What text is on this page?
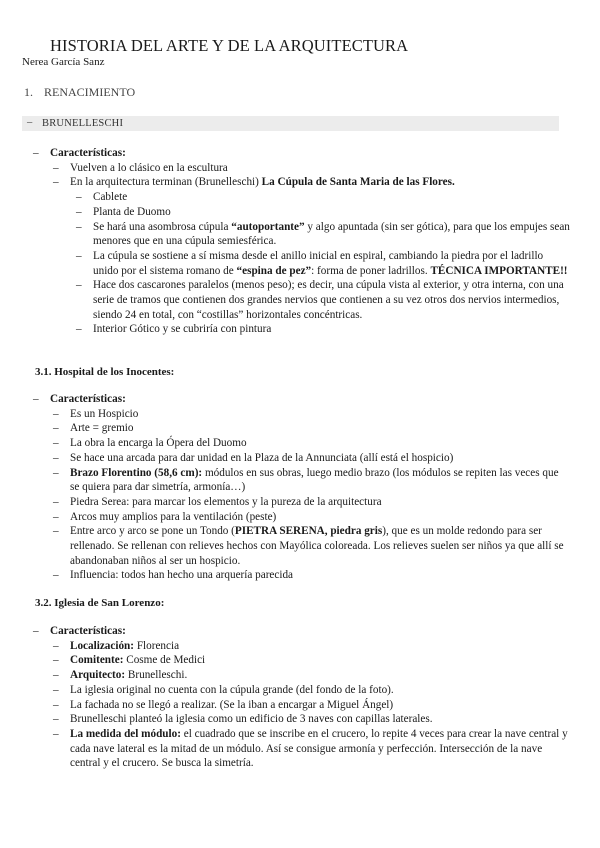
HISTORIA DEL ARTE Y DE LA ARQUITECTURA
Nerea García Sanz
1. RENACIMIENTO
– BRUNELLESCHI
– Características:
– Vuelven a lo clásico en la escultura
– En la arquitectura terminan (Brunelleschi) La Cúpula de Santa Maria de las Flores.
– Cablete
– Planta de Duomo
– Se hará una asombrosa cúpula “autoportante” y algo apuntada (sin ser gótica), para que los empujes sean menores que en una cúpula semiesférica.
– La cúpula se sostiene a sí misma desde el anillo inicial en espiral, cambiando la piedra por el ladrillo unido por el sistema romano de “espina de pez”: forma de poner ladrillos. TÉCNICA IMPORTANTE!!
– Hace dos cascarones paralelos (menos peso); es decir, una cúpula vista al exterior, y otra interna, con una serie de tramos que contienen dos grandes nervios que contienen a su vez otros dos nervios intermedios, siendo 24 en total, con “costillas” horizontales concéntricas.
– Interior Gótico y se cubriría con pintura
3.1. Hospital de los Inocentes:
– Características:
– Es un Hospicio
– Arte = gremio
– La obra la encarga la Ópera del Duomo
– Se hace una arcada para dar unidad en la Plaza de la Annunciata (allí está el hospicio)
– Brazo Florentino (58,6 cm): módulos en sus obras, luego medio brazo (los módulos se repiten las veces que se quiera para dar simetría, armonía…)
– Piedra Serea: para marcar los elementos y la pureza de la arquitectura
– Arcos muy amplios para la ventilación (peste)
– Entre arco y arco se pone un Tondo (PIETRA SERENA, piedra gris), que es un molde redondo para ser rellenado. Se rellenan con relieves hechos con Mayólica coloreada. Los relieves suelen ser niños ya que allí se abandonaban niños al ser un hospicio.
– Influencia: todos han hecho una arquería parecida
3.2. Iglesia de San Lorenzo:
– Características:
– Localización: Florencia
– Comitente: Cosme de Medici
– Arquitecto: Brunelleschi.
– La iglesia original no cuenta con la cúpula grande (del fondo de la foto).
– La fachada no se llegó a realizar. (Se la iban a encargar a Miguel Ángel)
– Brunelleschi planteó la iglesia como un edificio de 3 naves con capillas laterales.
– La medida del módulo: el cuadrado que se inscribe en el crucero, lo repite 4 veces para crear la nave central y cada nave lateral es la mitad de un módulo. Así se consigue armonía y perfección. Intersección de la nave central y el crucero. Se busca la simetría.
